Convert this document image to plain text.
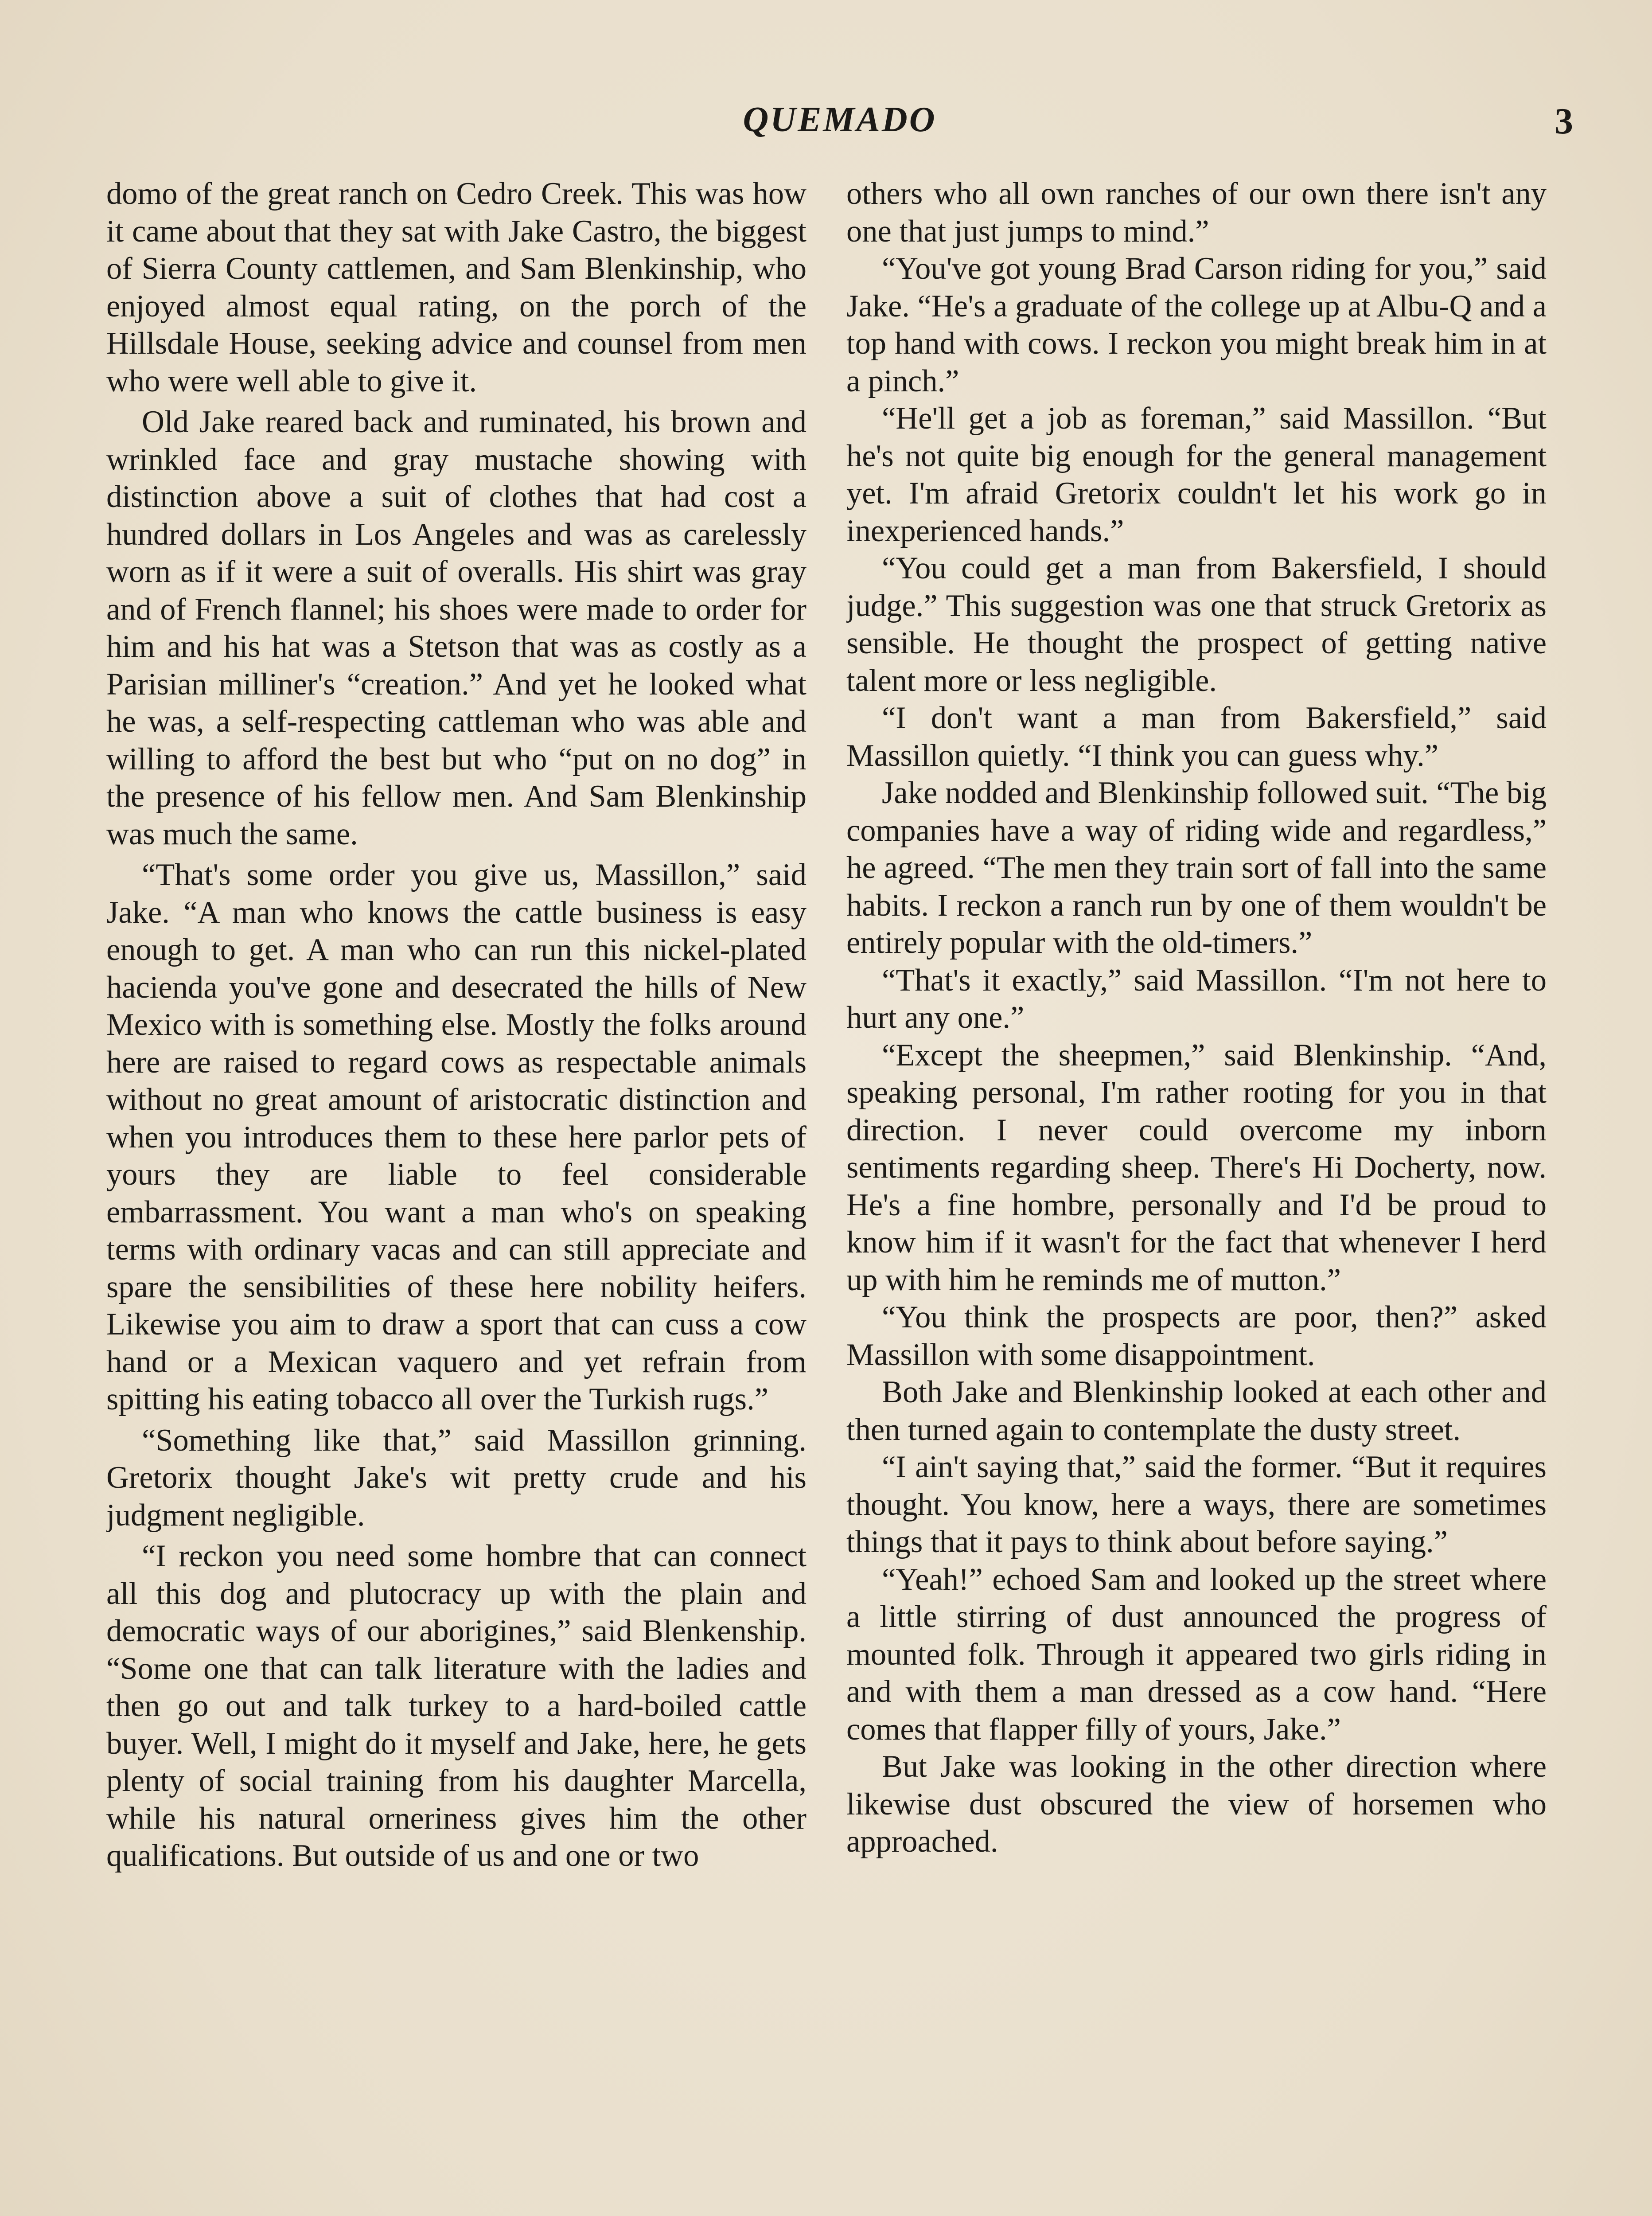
QUEMADO	3

domo of the great ranch on Cedro Creek. This was how it came about that they sat with Jake Castro, the biggest of Sierra County cattlemen, and Sam Blenkinship, who enjoyed almost equal rating, on the porch of the Hillsdale House, seeking advice and counsel from men who were well able to give it.

Old Jake reared back and ruminated, his brown and wrinkled face and gray mustache showing with distinction above a suit of clothes that had cost a hundred dollars in Los Angeles and was as carelessly worn as if it were a suit of overalls. His shirt was gray and of French flannel; his shoes were made to order for him and his hat was a Stetson that was as costly as a Parisian milliner's “creation.” And yet he looked what he was, a self-respecting cattleman who was able and willing to afford the best but who “put on no dog” in the presence of his fellow men. And Sam Blenkinship was much the same.

“That's some order you give us, Massillon,” said Jake. “A man who knows the cattle business is easy enough to get. A man who can run this nickel-plated hacienda you've gone and desecrated the hills of New Mexico with is something else. Mostly the folks around here are raised to regard cows as respectable animals without no great amount of aristocratic distinction and when you introduces them to these here parlor pets of yours they are liable to feel considerable embarrassment. You want a man who's on speaking terms with ordinary vacas and can still appreciate and spare the sensibilities of these here nobility heifers. Likewise you aim to draw a sport that can cuss a cow hand or a Mexican vaquero and yet refrain from spitting his eating tobacco all over the Turkish rugs.”

“Something like that,” said Massillon grinning. Gretorix thought Jake's wit pretty crude and his judgment negligible.

“I reckon you need some hombre that can connect all this dog and plutocracy up with the plain and democratic ways of our aborigines,” said Blenkenship. “Some one that can talk literature with the ladies and then go out and talk turkey to a hard-boiled cattle buyer. Well, I might do it myself and Jake, here, he gets plenty of social training from his daughter Marcella, while his natural orneriness gives him the other qualifications. But outside of us and one or two

others who all own ranches of our own there isn't any one that just jumps to mind.”

“You've got young Brad Carson riding for you,” said Jake. “He's a graduate of the college up at Albu-Q and a top hand with cows. I reckon you might break him in at a pinch.”

“He'll get a job as foreman,” said Massillon. “But he's not quite big enough for the general management yet. I'm afraid Gretorix couldn't let his work go in inexperienced hands.”

“You could get a man from Bakersfield, I should judge.” This suggestion was one that struck Gretorix as sensible. He thought the prospect of getting native talent more or less negligible.

“I don't want a man from Bakersfield,” said Massillon quietly. “I think you can guess why.”

Jake nodded and Blenkinship followed suit. “The big companies have a way of riding wide and regardless,” he agreed. “The men they train sort of fall into the same habits. I reckon a ranch run by one of them wouldn't be entirely popular with the old-timers.”

“That's it exactly,” said Massillon. “I'm not here to hurt any one.”

“Except the sheepmen,” said Blenkinship. “And, speaking personal, I'm rather rooting for you in that direction. I never could overcome my inborn sentiments regarding sheep. There's Hi Docherty, now. He's a fine hombre, personally and I'd be proud to know him if it wasn't for the fact that whenever I herd up with him he reminds me of mutton.”

“You think the prospects are poor, then?” asked Massillon with some disappointment.

Both Jake and Blenkinship looked at each other and then turned again to contemplate the dusty street.

“I ain't saying that,” said the former. “But it requires thought. You know, here a ways, there are sometimes things that it pays to think about before saying.”

“Yeah!” echoed Sam and looked up the street where a little stirring of dust announced the progress of mounted folk. Through it appeared two girls riding in and with them a man dressed as a cow hand. “Here comes that flapper filly of yours, Jake.”

But Jake was looking in the other direction where likewise dust obscured the view of horsemen who approached.
